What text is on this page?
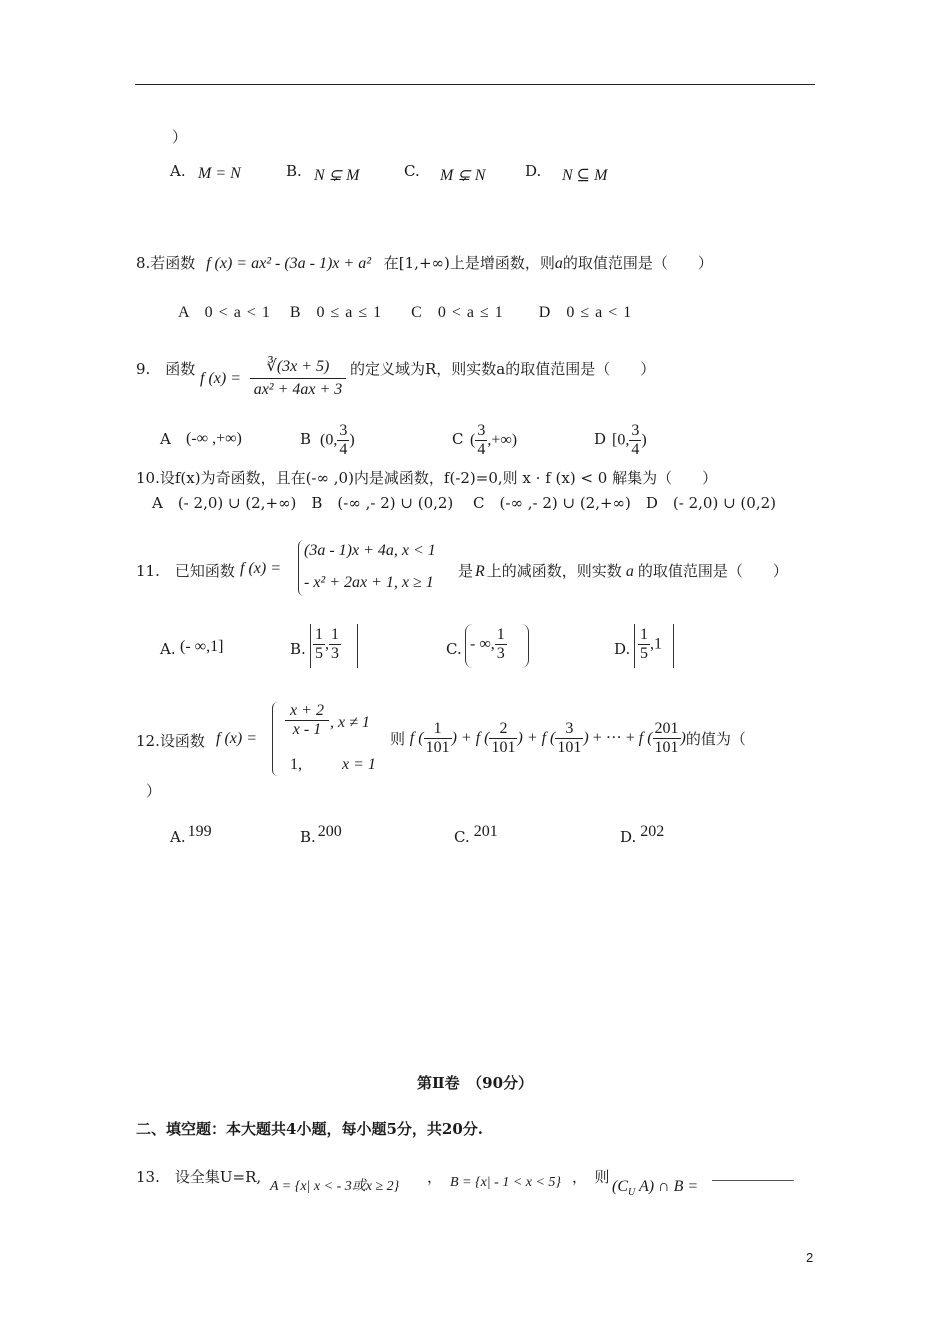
）
A. M = N	B. N ⊊ M	C. M ⊊ N	D. N ⊆ M
8.若函数 f (x) = ax² - (3a - 1)x + a² 在[1,+∞)上是增函数，则a的取值范围是（　　）
A　0 < a < 1 B　0 ≤ a ≤ 1 C　0 < a ≤ 1 D　0 ≤ a < 1
9.　函数
f $(x) = \frac{∛(3x + 5)}{\text{ax² + 4ax + 3}}$ 的定义域为R，则实数a的取值范围是（　　）
A (-∞ ,+∞)	B (0, $\frac{3}{4}$ )	C ( $\frac{3}{4}$ ,+∞)	D [0, $\frac{3}{4}$ )
10.设f(x)为奇函数，且在(-∞ ,0)内是减函数，f(-2)=0,则 x · f (x) < 0 解集为（　　）
A　(- 2,0) ∪ (2,+∞)　B　(-∞ ,- 2) ∪ (0,2)　 C　(-∞ ,- 2) ∪ (2,+∞)　D　(- 2,0) ∪ (0,2)
11.　已知函数 f (x) =
(3a - 1)x + 4a, x < 1
- x² + 2ax + 1, x ≥ 1
是 R 上的减函数，则实数 a 的取值范围是（　　）
A. (- ∞,1]	B. $\frac{1}{5}$ , $\frac{1}{3}$	C. - ∞, $\frac{1}{3}$	D. $\frac{1}{5} ,1$
12.设函数 f (x) =
x + 2
x - 1 , x ≠ 1
1,	x = 1
则 f ( $\frac{1}{101}$ ) + f ( $\frac{2}{101}$ ) + f ( $\frac{3}{101}$ ) + ··· + f ( $\frac{201}{101}$ )的值为（
）
A. 199	B. 200	C. 201	D. 202
第Ⅱ卷　（90分）
二、填空题：本大题共4小题，每小题5分，共20分.
13.　设全集U=R,
A = {x| x < - 3或x ≥ 2}
， B = {x| - 1 < x < 5} ，　则
($C_U$ A) ∩ B =
2
